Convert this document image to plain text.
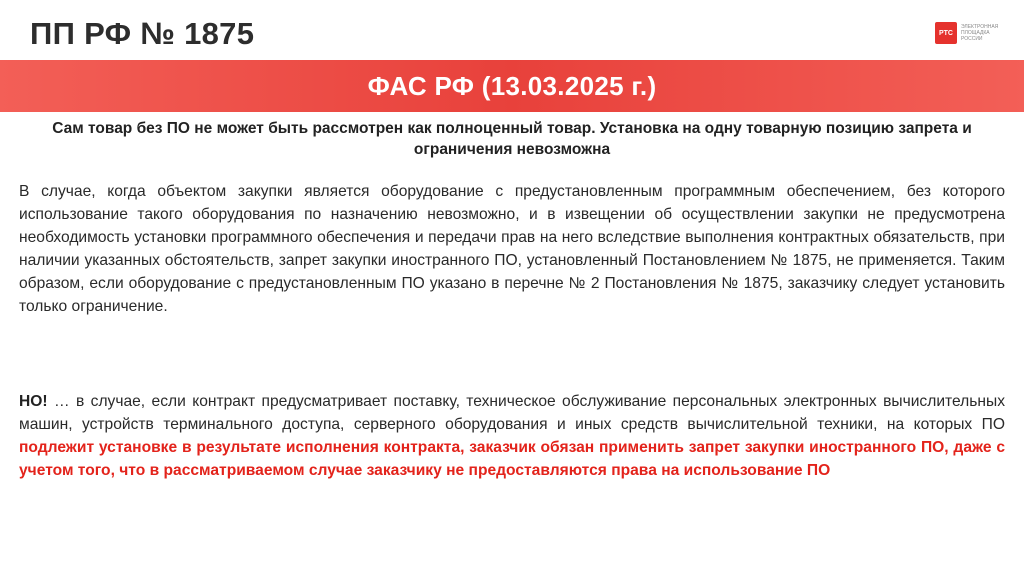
ПП РФ № 1875	РТС
ЭЛЕКТРОННАЯ ПЛОЩАДКА РОССИИ
ФАС РФ (13.03.2025 г.)
Сам товар без ПО не может быть рассмотрен как полноценный товар. Установка на одну товарную позицию запрета и ограничения невозможна
В случае, когда объектом закупки является оборудование с предустановленным программным обеспечением, без которого использование такого оборудования по назначению невозможно, и в извещении об осуществлении закупки не предусмотрена необходимость установки программного обеспечения и передачи прав на него вследствие выполнения контрактных обязательств, при наличии указанных обстоятельств, запрет закупки иностранного ПО, установленный Постановлением № 1875, не применяется. Таким образом, если оборудование с предустановленным ПО указано в перечне № 2 Постановления № 1875, заказчику следует установить только ограничение.
НО! … в случае, если контракт предусматривает поставку, техническое обслуживание персональных электронных вычислительных машин, устройств терминального доступа, серверного оборудования и иных средств вычислительной техники, на которых ПО подлежит установке в результате исполнения контракта, заказчик обязан применить запрет закупки иностранного ПО, даже с учетом того, что в рассматриваемом случае заказчику не предоставляются права на использование ПО
